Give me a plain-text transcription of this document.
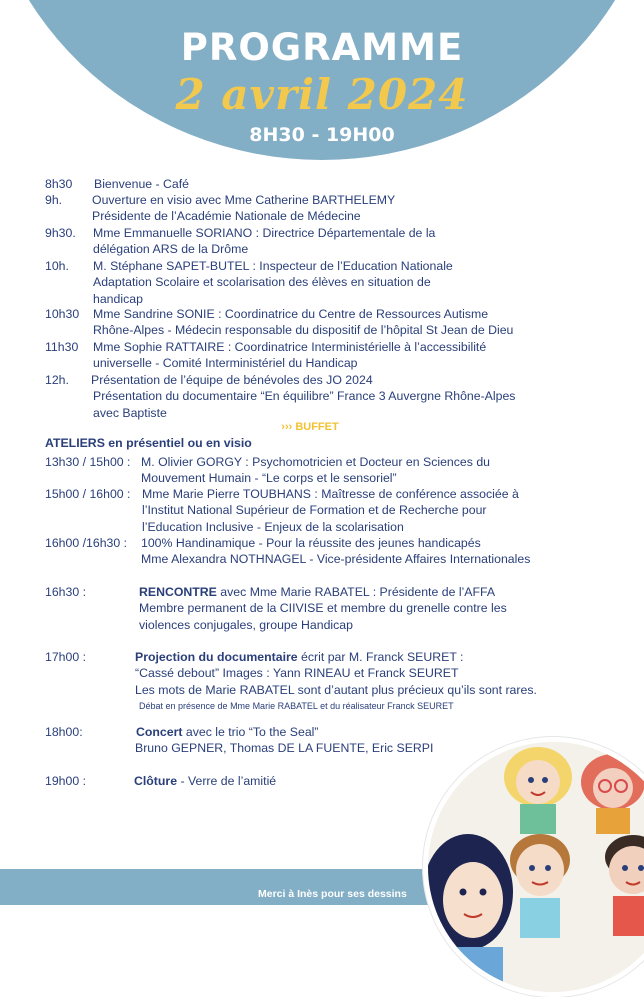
PROGRAMME
2 avril 2024
8H30 - 19H00
8h30 Bienvenue - Café
9h. Ouverture en visio avec Mme Catherine BARTHELEMY
Présidente de l’Académie Nationale de Médecine
9h30. Mme Emmanuelle SORIANO : Directrice Départementale de la
délégation ARS de la Drôme
10h. M. Stéphane SAPET-BUTEL : Inspecteur de l’Education Nationale
Adaptation Scolaire et scolarisation des élèves en situation de
handicap
10h30 Mme Sandrine SONIE : Coordinatrice du Centre de Ressources Autisme
Rhône-Alpes - Médecin responsable du dispositif de l’hôpital St Jean de Dieu
11h30 Mme Sophie RATTAIRE : Coordinatrice Interministérielle à l’accessibilité
universelle - Comité Interministériel du Handicap
12h. Présentation de l’équipe de bénévoles des JO 2024
Présentation du documentaire “En équilibre” France 3 Auvergne Rhône-Alpes
avec Baptiste
››› BUFFET
ATELIERS en présentiel ou en visio
13h30 / 15h00 : M. Olivier GORGY : Psychomotricien et Docteur en Sciences du
Mouvement Humain - “Le corps et le sensoriel”
15h00 / 16h00 : Mme Marie Pierre TOUBHANS : Maîtresse de conférence associée à
l’Institut National Supérieur de Formation et de Recherche pour
l’Education Inclusive - Enjeux de la scolarisation
16h00 /16h30 : 100% Handinamique - Pour la réussite des jeunes handicapés
Mme Alexandra NOTHNAGEL - Vice-présidente Affaires Internationales
16h30 :	RENCONTRE avec Mme Marie RABATEL : Présidente de l’AFFA
Membre permanent de la CIIVISE et membre du grenelle contre les
violences conjugales, groupe Handicap
17h00 :	Projection du documentaire écrit par M. Franck SEURET :
“Cassé debout” Images : Yann RINEAU et Franck SEURET
Les mots de Marie RABATEL sont d’autant plus précieux qu’ils sont rares.
Débat en présence de Mme Marie RABATEL et du réalisateur Franck SEURET
18h00:	Concert avec le trio “To the Seal”
Bruno GEPNER, Thomas DE LA FUENTE, Eric SERPI
19h00 :	Clôture - Verre de l’amitié
Merci à Inès pour ses dessins
